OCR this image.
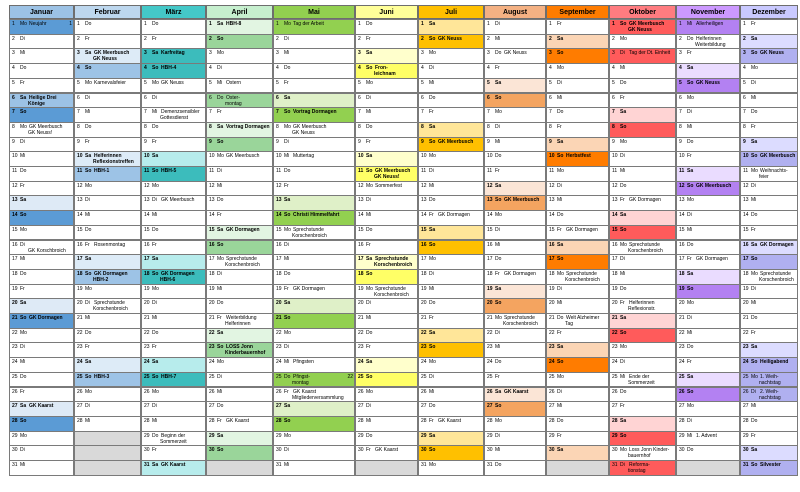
Januar
1 Mo Neujahr	1
2 Di
3 Mi
4 Do
5 Fr
6 Sa Heilige Drei
Könige
7 So
8 Mo GK Meerbusch
GK Neuss!
9 Di
10 Mi
11 Do
12 Fr
13 Sa
14 So
15 Mo
16 Di
GK Korschbroich
17 Mi
18 Do
19 Fr
20 Sa
21 So GK Dormagen
22 Mo
23 Di
24 Mi
25 Do
26 Fr
27 Sa GK Kaarst
28 So
29 Mo
30 Di
31 Mi
Februar
1 Do
2 Fr
3 Sa GK Meerbusch
GK Neuss
4 So
5 Mo Karnevalsfeier
6 Di
7 Mi
8 Do
9 Fr
10 Sa Helferinnen
Reflexionstreffen
11 So HBH-1
12 Mo
13 Di
14 Mi
15 Do
16 Fr Rosenmontag
17 Sa
18 So GK Dormagen
HBH-2
19 Mo
20 Di Sprechstunde
Korschenbroich
21 Mi
22 Do
23 Fr
24 Sa
25 So HBH-3
26 Mo
27 Di
28 Mi
März
1 Do
2 Fr
3 Sa Karfreitag
4 So HBH-4
5 Mo GK Neuss
6 Di
7 Mi Demenzsensibler
Gottesdienst
8 Do
9 Fr
10 Sa
11 So HBH-5
12 Mo
13 Di GK Meerbusch
14 Mi
15 Do
16 Fr
17 Sa
18 So GK Dormagen
HBH-6
19 Mo
20 Di
21 Mi
22 Do
23 Fr
24 Sa
25 So HBH-7
26 Mo
27 Di
28 Mi
29 Do Beginn der
Sommerzeit
30 Fr
31 Sa GK Kaarst
April
1 Sa HBH-8
2 So
3 Mo
4 Di
5 Mi Ostern
6 Do Oster-
montag
7 Fr
8 Sa Vortrag Dormagen
9 So
10 Mo GK Meerbusch
11 Di
12 Mi
13 Do
14 Fr
15 Sa GK Dormagen
16 So
17 Mo Sprechstunde
Korschenbroich
18 Di
19 Mi
20 Do
21 Fr Weiterbildung
Helferinnen
22 Sa
23 So LOSS Jonn
Kinderbauernhof
24 Mo
25 Di
26 Mi
27 Do
28 Fr GK Kaarst
29 Sa
30 So
Mai
1 Mo Tag der Arbeit
2 Di
3 Mi
4 Do
5 Fr
6 Sa
7 So Vortrag Dormagen
8 Mo GK Meerbusch
GK Neuss
9 Di
10 Mi Muttertag
11 Do
12 Fr
13 Sa
14 So Christi Himmelfahrt
15 Mo Sprechstunde
Korschenbroich
16 Di
17 Mi
18 Do
19 Fr GK Dormagen
20 Sa
21 So
22 Mo
23 Di
24 Mi Pfingsten
25 Do Pfingst-
montag
22
26 Fr GK Kaarst
Mitgliederversammlung
27 Sa
28 So
29 Mo
30 Di
31 Mi
Juni
1 Do
2 Fr
3 Sa
4 So Fron-
leichnam
5 Mo
6 Di
7 Mi
8 Do
9 Fr
10 Sa
11 So GK Meerbusch
GK Neuss!
12 Mo Sommerfest
13 Di
14 Mi
15 Do
16 Fr
17 Sa Sprechstunde
Korschenbroich
18 So
19 Mo Sprechstunde
Korschenbroich
20 Di
21 Mi
22 Do
23 Fr
24 Sa
25 So
26 Mo
27 Di
28 Mi
29 Do
30 Fr GK Kaarst
Juli
1 Sa
2 So GK Neuss
3 Mo
4 Di
5 Mi
6 Do
7 Fr
8 Sa
9 So GK Meerbusch
10 Mo
11 Di
12 Mi
13 Do
14 Fr GK Dormagen
15 Sa
16 So
17 Mo
18 Di
19 Mi
20 Do
21 Fr
22 Sa
23 So
24 Mo
25 Di
26 Mi
27 Do
28 Fr GK Kaarst
29 Sa
30 So
31 Mo
August
1 Di
2 Mi
3 Do GK Neuss
4 Fr
5 Sa
6 So
7 Mo
8 Di
9 Mi
10 Do
11 Fr
12 Sa
13 So GK Meerbusch
14 Mo
15 Di
16 Mi
17 Do
18 Fr GK Dormagen
19 Sa
20 So
21 Mo Sprechstunde
Korschenbroich
22 Di
23 Mi
24 Do
25 Fr
26 Sa GK Kaarst
27 So
28 Mo
29 Di
30 Mi
31 Do
September
1 Fr
2 Sa
3 So
4 Mo
5 Di
6 Mi
7 Do
8 Fr
9 Sa
10 So Herbstfest
11 Mo
12 Di
13 Mi
14 Do
15 Fr GK Dormagen
16 Sa
17 So
18 Mo Sprechstunde
Korschenbroich
19 Di
20 Mi
21 Do Welt Alzheimer
Tag
22 Fr
23 Sa
24 So
25 Mo
26 Di
27 Mi
28 Do
29 Fr
30 Sa
Oktober
1 So GK Meerbusch
GK Neuss
2 Mo
3 Di Tag der Dt. Einheit
4 Mi
5 Do
6 Fr
7 Sa
8 So
9 Mo
10 Di
11 Mi
12 Do
13 Fr GK Dormagen
14 Sa
15 So
16 Mo Sprechstunde
Korschenbroich
17 Di
18 Mi
19 Do
20 Fr Helferinnen
Reflexionstr.
21 Sa
22 So
23 Mo
24 Di
25 Mi Ende der
Sommerzeit
26 Do
27 Fr
28 Sa
29 So
30 Mo Loss Jonn Kinder-
bauernhof
31 Di Reforma-
tionstag
November
1 Mi Allerheiligen
2 Do Helferinnen
Weiterbildung
3 Fr
4 Sa
5 So GK Neuss
6 Mo
7 Di
8 Mi
9 Do
10 Fr
11 Sa
12 So GK Meerbusch
13 Mo
14 Di
15 Mi
16 Do
17 Fr GK Dormagen
18 Sa
19 So
20 Mo
21 Di
22 Mi
23 Do
24 Fr
25 Sa
26 So
27 Mo
28 Di
29 Mi 1. Advent
30 Do
Dezember
1 Fr
2 Sa
3 So GK Neuss
4 Mo
5 Di
6 Mi
7 Do
8 Fr
9 Sa
10 So GK Meerbusch
11 Mo Weihnachts-
feier
12 Di
13 Mi
14 Do
15 Fr
16 Sa GK Dormagen
17 So
18 Mo Sprechstunde
Korschenbroich
19 Di
20 Mi
21 Do
22 Fr
23 Sa
24 So Heiligabend
25 Mo 1. Weih-
nachtstag
26 Di 2. Weih-
nachtstag
27 Mi
28 Do
29 Fr
30 Sa
31 So Silvester
